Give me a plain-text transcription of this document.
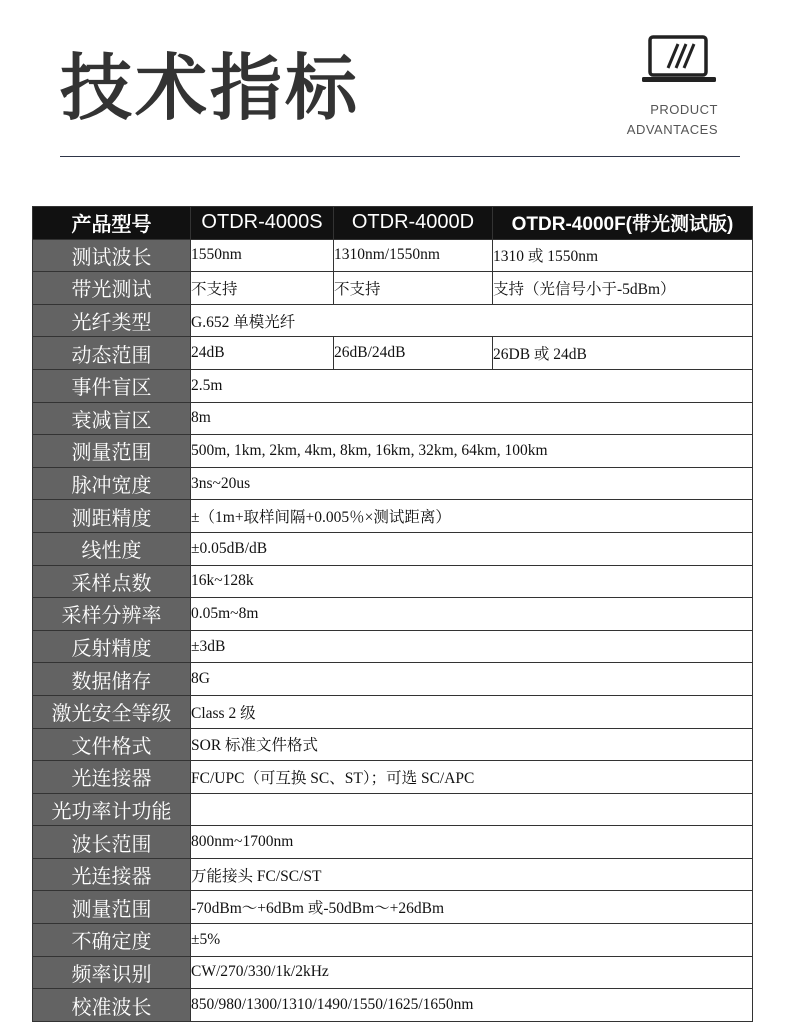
技术指标	PRODUCT
ADVANTACES
产品型号	OTDR-4000S	OTDR-4000D	OTDR-4000F(带光测试版)
测试波长	1550nm	1310nm/1550nm	1310 或 1550nm
带光测试	不支持	不支持	支持（光信号小于-5dBm）
光纤类型	G.652 单模光纤		
动态范围	24dB	26dB/24dB	26DB 或 24dB
事件盲区	2.5m		
衰减盲区	8m		
测量范围	500m, 1km, 2km, 4km, 8km, 16km, 32km, 64km, 100km		
脉冲宽度	3ns~20us		
测距精度	±（1m+取样间隔+0.005％×测试距离）		
线性度	±0.05dB/dB		
采样点数	16k~128k		
采样分辨率	0.05m~8m		
反射精度	±3dB		
数据储存	8G		
激光安全等级	Class 2 级		
文件格式	SOR 标准文件格式		
光连接器	FC/UPC（可互换 SC、ST）；可选 SC/APC		
光功率计功能			
波长范围	800nm~1700nm		
光连接器	万能接头 FC/SC/ST		
测量范围	-70dBm～+6dBm 或-50dBm～+26dBm		
不确定度	±5%		
频率识别	CW/270/330/1k/2kHz		
校准波长	850/980/1300/1310/1490/1550/1625/1650nm		
